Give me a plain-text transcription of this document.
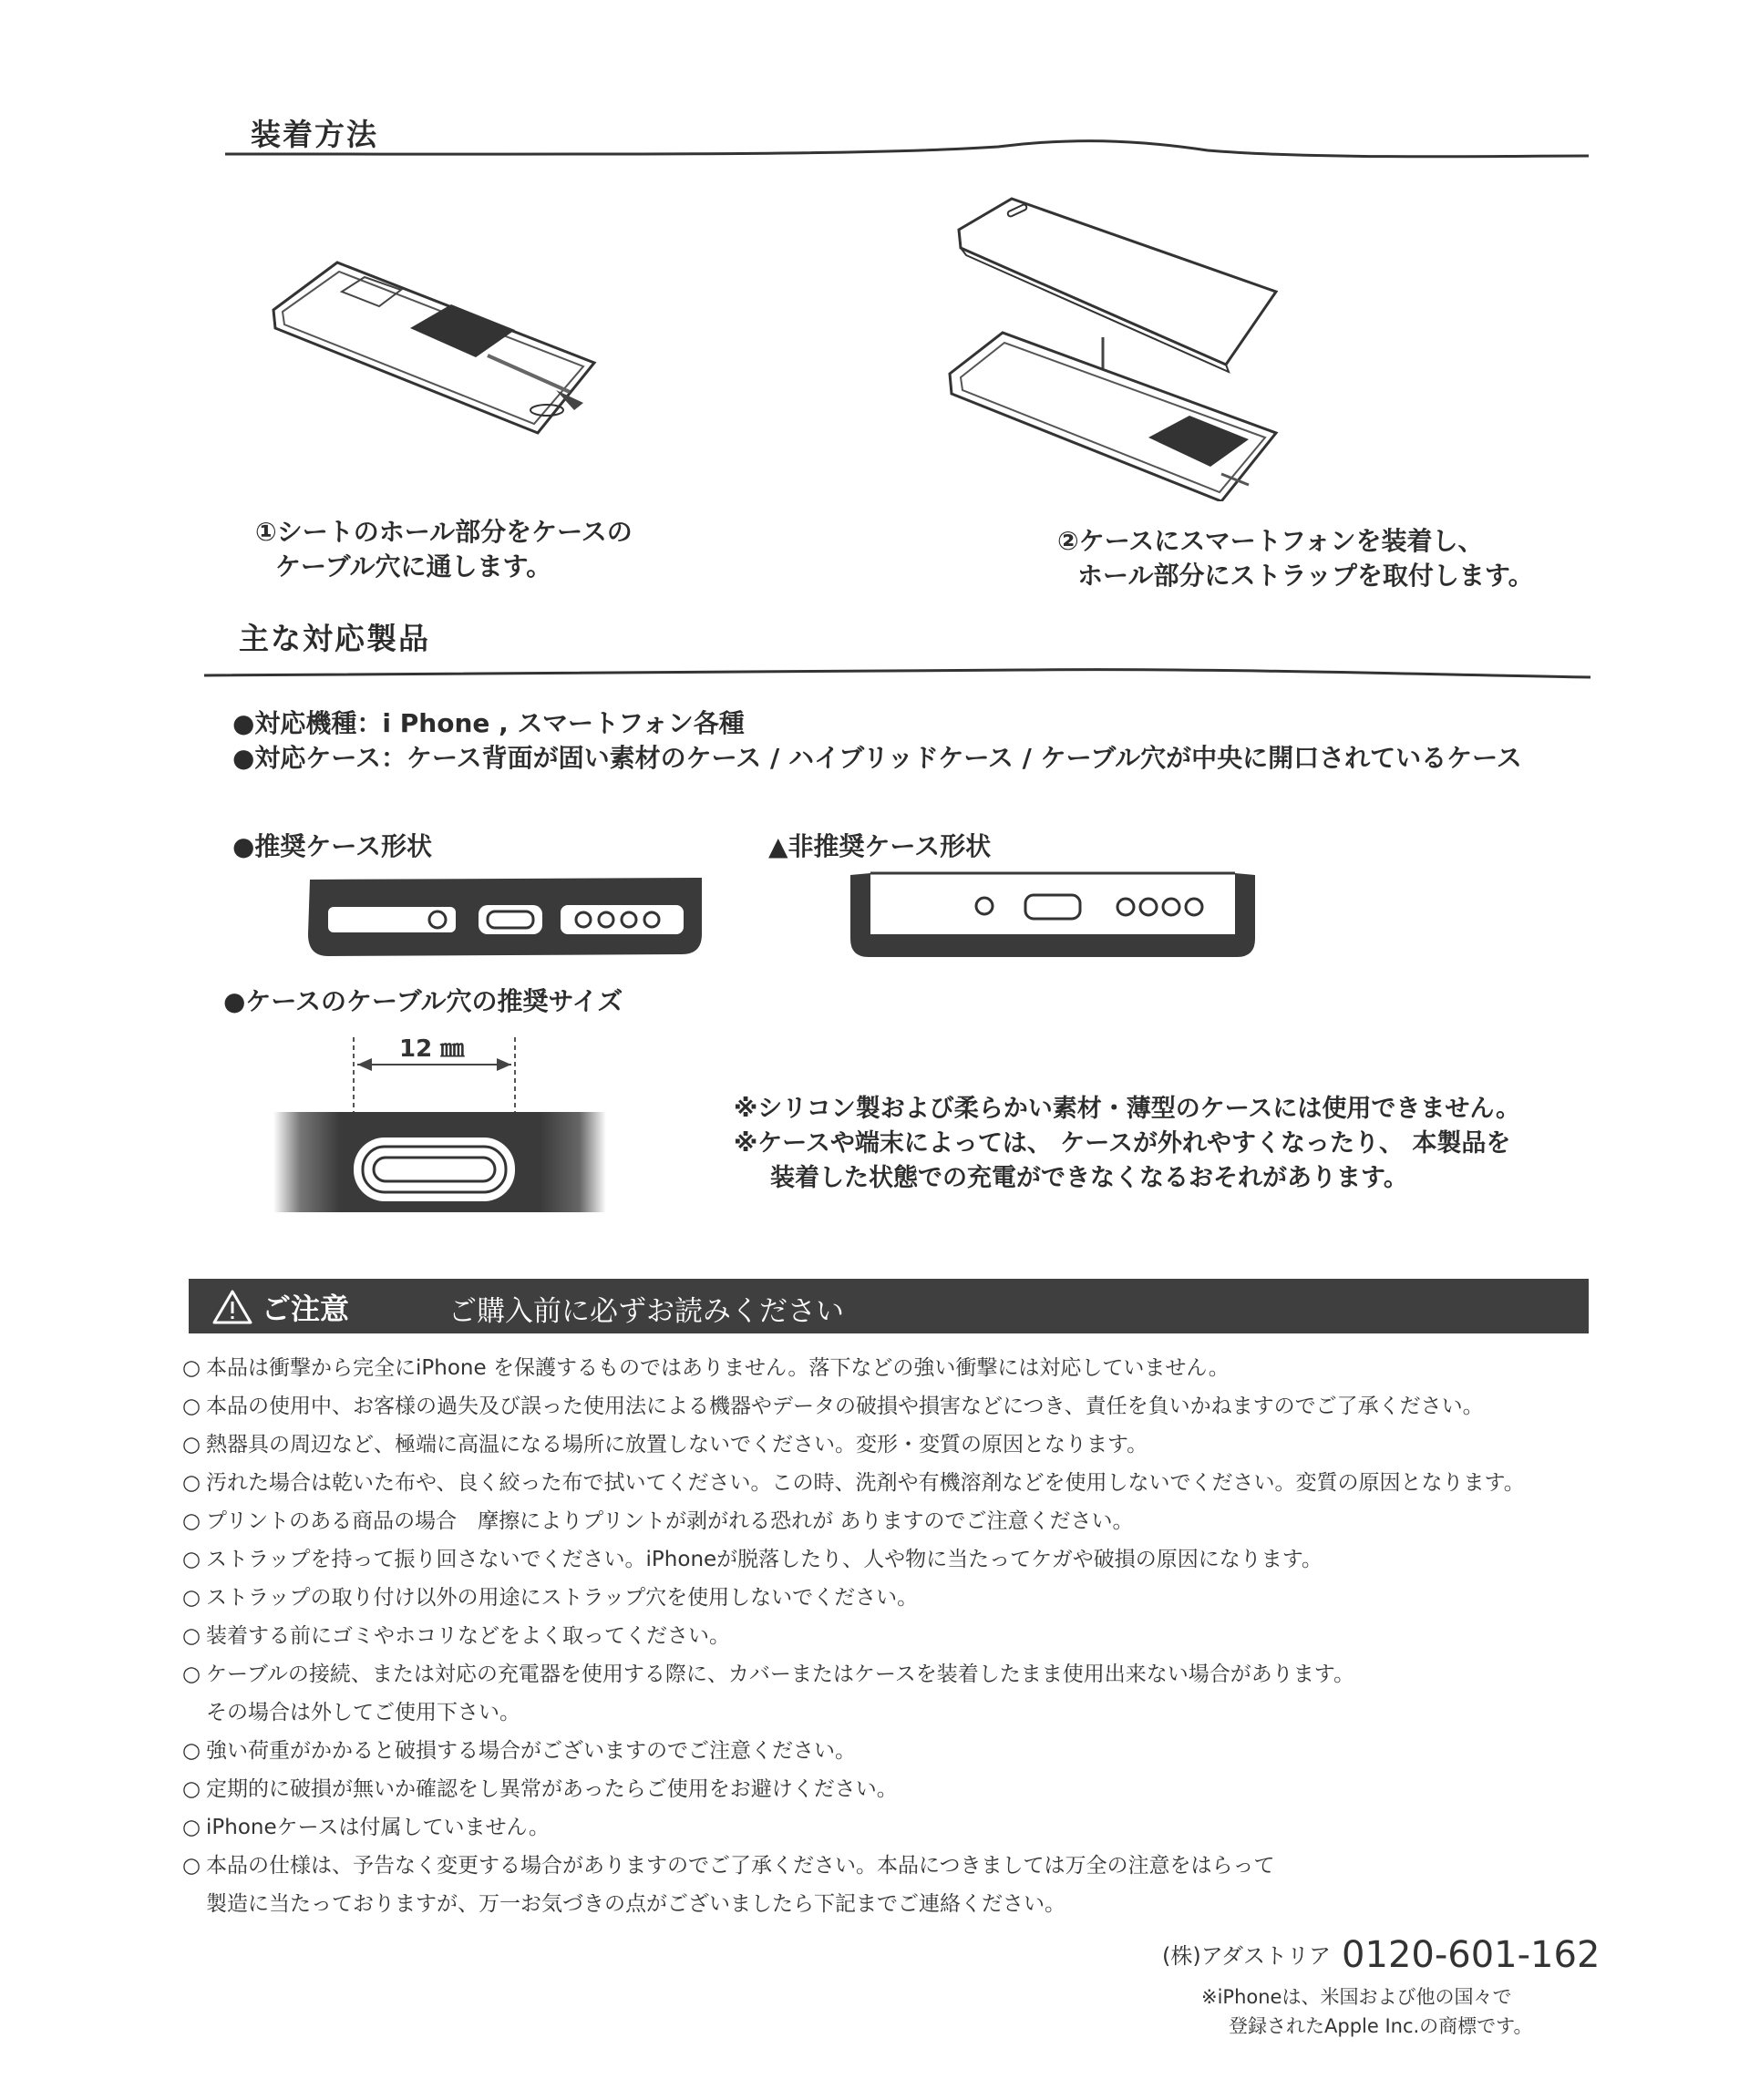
装着方法
①シートのホール部分をケースの
ケーブル穴に通します。
②ケースにスマートフォンを装着し、
ホール部分にストラップを取付します。
主な対応製品
●対応機種：i Phone , スマートフォン各種
●対応ケース：ケース背面が固い素材のケース / ハイブリッドケース / ケーブル穴が中央に開口されているケース
●推奨ケース形状	▲非推奨ケース形状
●ケースのケーブル穴の推奨サイズ
12 ㎜
※シリコン製および柔らかい素材・薄型のケースには使用できません。
※ケースや端末によっては、 ケースが外れやすくなったり、 本製品を
装着した状態での充電ができなくなるおそれがあります。
ご注意	ご購入前に必ずお読みください
○ 本品は衝撃から完全にiPhone を保護するものではありません。落下などの強い衝撃には対応していません。
○ 本品の使用中、お客様の過失及び誤った使用法による機器やデータの破損や損害などにつき、責任を負いかねますのでご了承ください。
○ 熱器具の周辺など、極端に高温になる場所に放置しないでください。変形・変質の原因となります。
○ 汚れた場合は乾いた布や、良く絞った布で拭いてください。この時、洗剤や有機溶剤などを使用しないでください。変質の原因となります。
○ プリントのある商品の場合　摩擦によりプリントが剥がれる恐れが ありますのでご注意ください。
○ ストラップを持って振り回さないでください。iPhoneが脱落したり、人や物に当たってケガや破損の原因になります。
○ ストラップの取り付け以外の用途にストラップ穴を使用しないでください。
○ 装着する前にゴミやホコリなどをよく取ってください。
○ ケーブルの接続、または対応の充電器を使用する際に、カバーまたはケースを装着したまま使用出来ない場合があります。
その場合は外してご使用下さい。
○ 強い荷重がかかると破損する場合がございますのでご注意ください。
○ 定期的に破損が無いか確認をし異常があったらご使用をお避けください。
○ iPhoneケースは付属していません。
○ 本品の仕様は、予告なく変更する場合がありますのでご了承ください。本品につきましては万全の注意をはらって
製造に当たっておりますが、万一お気づきの点がございましたら下記までご連絡ください。
(株)アダストリア 0120-601-162
※iPhoneは、米国および他の国々で
登録されたApple Inc.の商標です。
